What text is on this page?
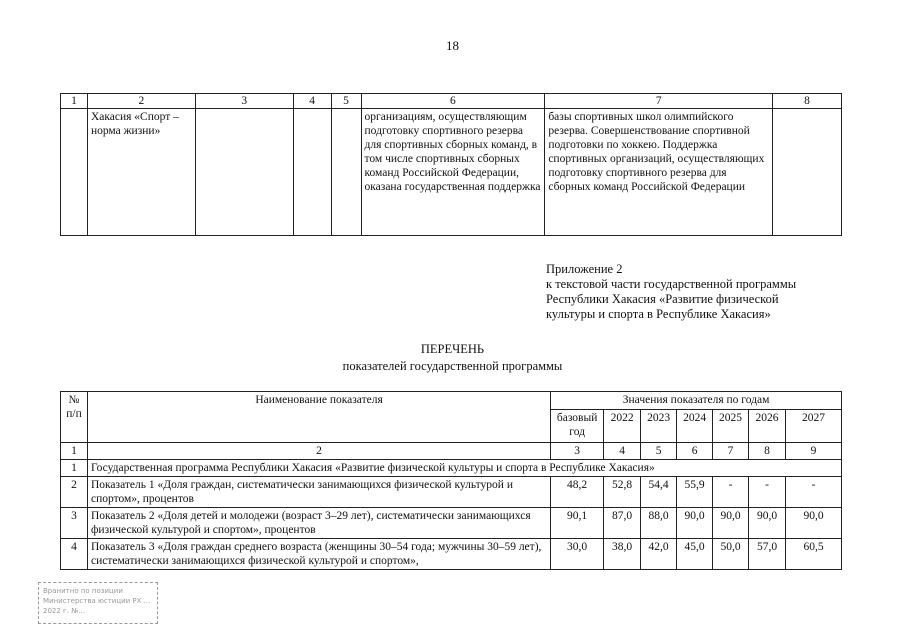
18
1	2	3	4	5	6	7	8
	Хакасия «Спорт – норма жизни»				организациям, осуществляющим подготовку спортивного резерва для спортивных сборных команд, в том числе спортивных сборных команд Российской Федерации, оказана государственная поддержка	базы спортивных школ олимпийского резерва. Совершенствование спортивной подготовки по хоккею. Поддержка спортивных организаций, осуществляющих подготовку спортивного резерва для сборных команд Российской Федерации	
Приложение 2
к текстовой части государственной программы
Республики Хакасия «Развитие физической
культуры и спорта в Республике Хакасия»
ПЕРЕЧЕНЬ
показателей государственной программы
№ п/п	Наименование показателя	Значения показателя по годам						
		базовый год	2022	2023	2024	2025	2026	2027
1	2	3	4	5	6	7	8	9
1	Государственная программа Республики Хакасия «Развитие физической культуры и спорта в Республике Хакасия»							
2	Показатель 1 «Доля граждан, систематически занимающихся физической культурой и спортом», процентов	48,2	52,8	54,4	55,9	-	-	-
3	Показатель 2 «Доля детей и молодежи (возраст 3–29 лет), систематически занимающихся физической культурой и спортом», процентов	90,1	87,0	88,0	90,0	90,0	90,0	90,0
4	Показатель 3 «Доля граждан среднего возраста (женщины 30–54 года; мужчины 30–59 лет), систематически занимающихся физической культурой и спортом»,	30,0	38,0	42,0	45,0	50,0	57,0	60,5
Bранитно по позиции Министерства юстиции РХ ... 2022 г. №...
